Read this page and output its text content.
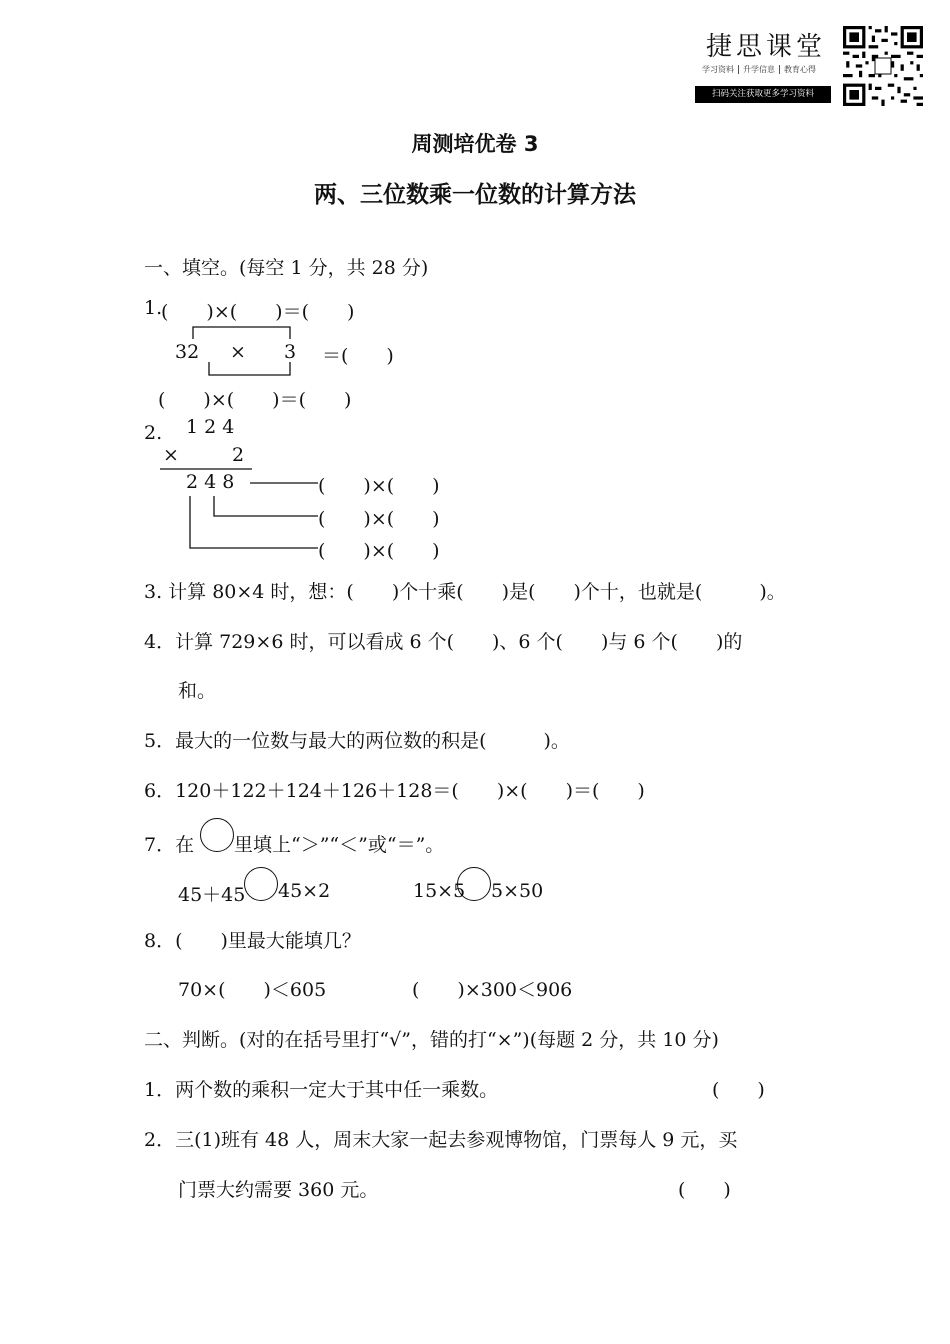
捷思课堂
学习资料 升学信息 教育心得
扫码关注获取更多学习资料
周测培优卷 3
两、三位数乘一位数的计算方法
一、填空。(每空 1 分，共 28 分)
1.
(　　)×(　　)＝(　　)
32 × 3 ＝(　　)
(　　)×(　　)＝(　　)
2. 1 2 4
×	2
2 4 8	(　　)×(　　)
(　　)×(　　)
(　　)×(　　)
3. 计算 80×4 时，想：(　　)个十乘(　　)是(　　)个十，也就是(　　　)。
4．计算 729×6 时，可以看成 6 个(　　)、6 个(　　)与 6 个(　　)的
和。
5．最大的一位数与最大的两位数的积是(　　　)。
6．120＋122＋124＋126＋128＝(　　)×(　　)＝(　　)
7．在 里填上“＞”“＜”或“＝”。
45＋45 45×2	15×5 5×50
8．(　　)里最大能填几？
70×(　　)＜605	(　　)×300＜906
二、判断。(对的在括号里打“√”，错的打“×”)(每题 2 分，共 10 分)
1．两个数的乘积一定大于其中任一乘数。	(　　)
2．三(1)班有 48 人，周末大家一起去参观博物馆，门票每人 9 元，买
门票大约需要 360 元。	(　　)
